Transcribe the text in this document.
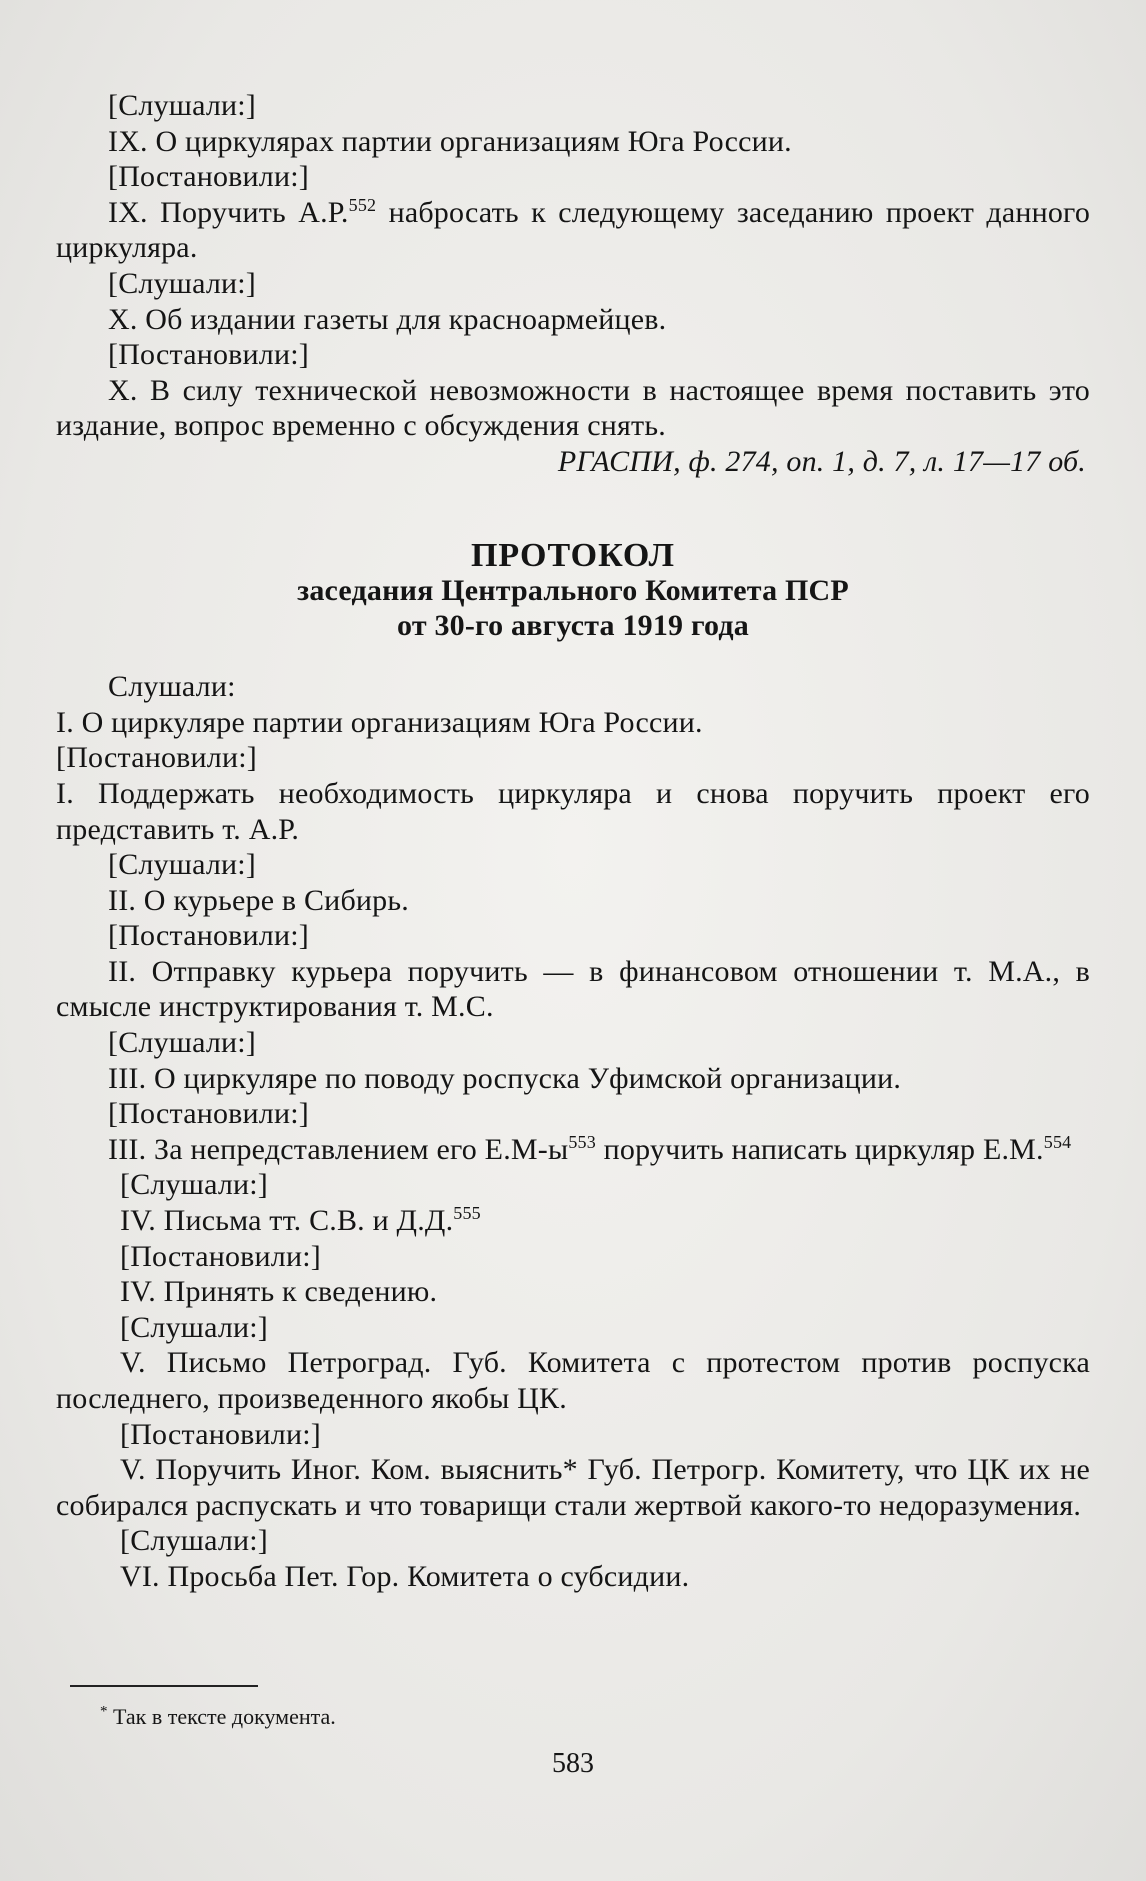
[Слушали:]

IX. О циркулярах партии организациям Юга России.

[Постановили:]

IX. Поручить А.Р.$^{552}$ набросать к следующему заседанию проект данного циркуляра.

[Слушали:]

X. Об издании газеты для красноармейцев.

[Постановили:]

X. В силу технической невозможности в настоящее время поставить это издание, вопрос временно с обсуждения снять.

РГАСПИ, ф. 274, оп. 1, д. 7, л. 17—17 об.

ПРОТОКОЛ

заседания Центрального Комитета ПСР

от 30-го августа 1919 года

Слушали:

I. О циркуляре партии организациям Юга России.

[Постановили:]

I. Поддержать необходимость циркуляра и снова поручить проект его представить т. А.Р.

[Слушали:]

II. О курьере в Сибирь.

[Постановили:]

II. Отправку курьера поручить — в финансовом отношении т. М.А., в смысле инструктирования т. М.С.

[Слушали:]

III. О циркуляре по поводу роспуска Уфимской организации.

[Постановили:]

III. За непредставлением его $Е.М-ы^{553}$ поручить написать циркуляр Е.М.$^{554}$

[Слушали:]

IV. Письма тт. С.В. и Д.Д.$^{555}$

[Постановили:]

IV. Принять к сведению.

[Слушали:]

V. Письмо Петроград. Губ. Комитета с протестом против роспуска последнего, произведенного якобы ЦК.

[Постановили:]

V. Поручить Иног. Ком. выяснить* Губ. Петрогр. Комитету, что ЦК их не собирался распускать и что товарищи стали жертвой какого-то недоразумения.

[Слушали:]

VI. Просьба Пет. Гор. Комитета о субсидии.

* Так в тексте документа.
583
